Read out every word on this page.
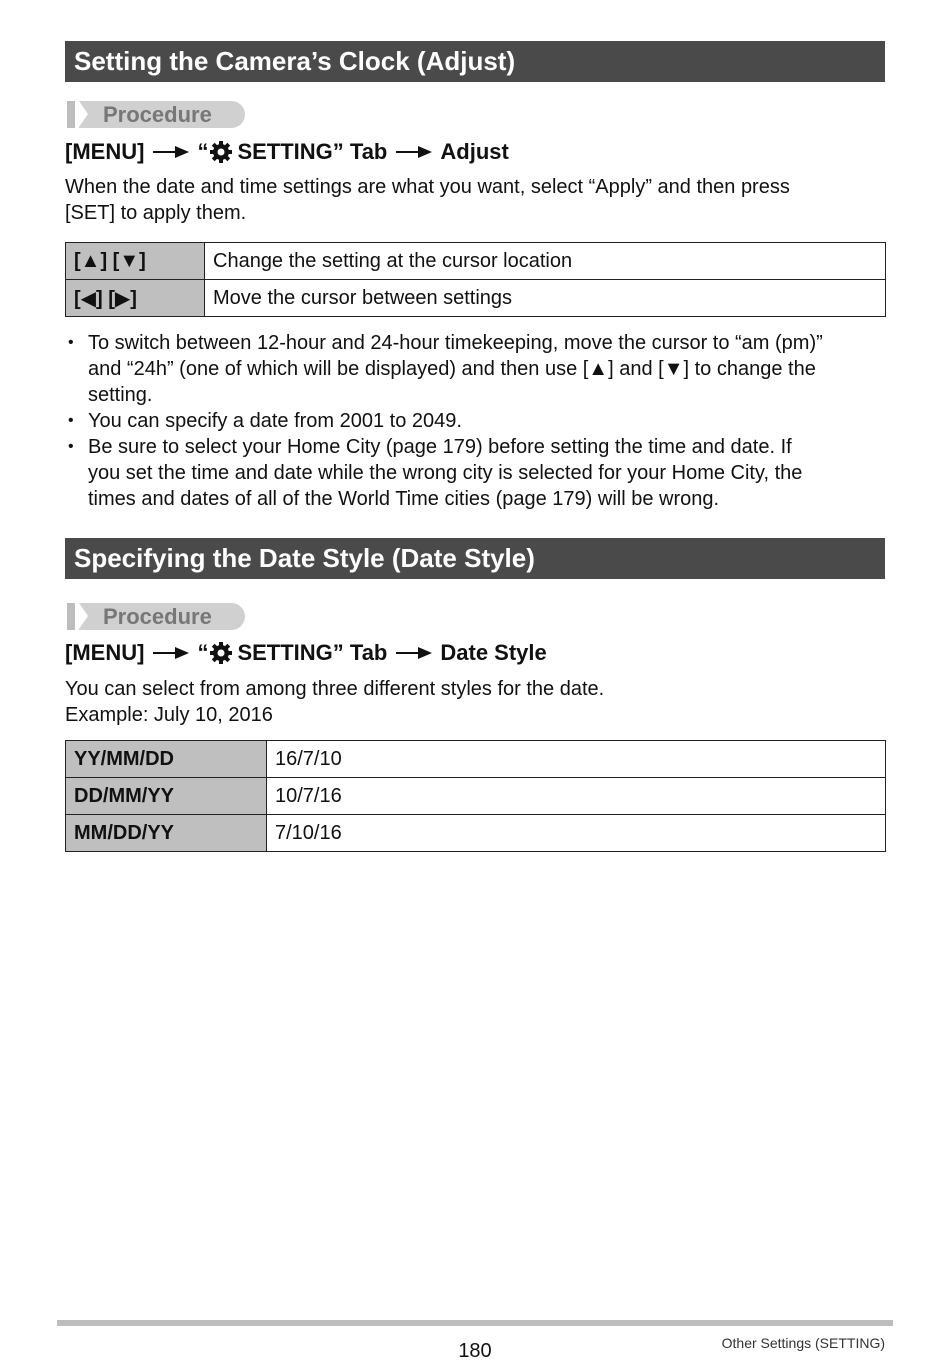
Setting the Camera’s Clock (Adjust)
Procedure
[MENU] “ SETTING” Tab Adjust
When the date and time settings are what you want, select “Apply” and then press
[SET] to apply them.
[▲] [▼]	Change the setting at the cursor location
[◀] [▶]	Move the cursor between settings
• To switch between 12-hour and 24-hour timekeeping, move the cursor to “am (pm)”
and “24h” (one of which will be displayed) and then use [▲] and [▼] to change the
setting.
• You can specify a date from 2001 to 2049.
• Be sure to select your Home City (page 179) before setting the time and date. If
you set the time and date while the wrong city is selected for your Home City, the
times and dates of all of the World Time cities (page 179) will be wrong.
Specifying the Date Style (Date Style)
Procedure
[MENU] “ SETTING” Tab Date Style
You can select from among three different styles for the date.
Example: July 10, 2016
YY/MM/DD	16/7/10
DD/MM/YY	10/7/16
MM/DD/YY	7/10/16
180	Other Settings (SETTING)
